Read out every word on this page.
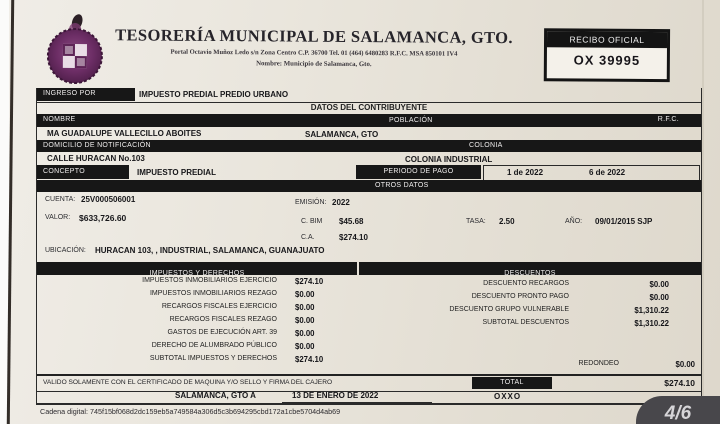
TESORERÍA MUNICIPAL DE SALAMANCA, GTO.
Portal Octavio Muñoz Ledo s/n Zona Centro C.P. 36700 Tel. 01 (464) 6480283 R.F.C. MSA 850101 IV4
Nombre: Municipio de Salamanca, Gto.
RECIBO OFICIAL
OX 39995
INGRESO POR	IMPUESTO PREDIAL PREDIO URBANO
DATOS DEL CONTRIBUYENTE
NOMBRE	POBLACIÓN	R.F.C.
MA GUADALUPE VALLECILLO ABOITES	SALAMANCA, GTO
DOMICILIO DE NOTIFICACIÓN	COLONIA
CALLE HURACAN No.103	COLONIA INDUSTRIAL
CONCEPTO	IMPUESTO PREDIAL	PERIODO DE PAGO	1 de 2022	6 de 2022
OTROS DATOS
CUENTA: 25V000506001	EMISIÓN: 2022
VALOR: $633,726.60	C. BIM $45.68	TASA: 2.50	AÑO: 09/01/2015 SJP
C.A.	$274.10
UBICACIÓN: HURACAN 103, , INDUSTRIAL, SALAMANCA, GUANAJUATO
IMPUESTOS Y DERECHOS	DESCUENTOS
IMPUESTOS INMOBILIARIOS EJERCICIO $274.10
IMPUESTOS INMOBILIARIOS REZAGO $0.00
RECARGOS FISCALES EJERCICIO $0.00
RECARGOS FISCALES REZAGO $0.00
GASTOS DE EJECUCIÓN ART. 39 $0.00
DERECHO DE ALUMBRADO PÚBLICO $0.00
SUBTOTAL IMPUESTOS Y DERECHOS $274.10
DESCUENTO RECARGOS	$0.00
DESCUENTO PRONTO PAGO	$0.00
DESCUENTO GRUPO VULNERABLE	$1,310.22
SUBTOTAL DESCUENTOS	$1,310.22
REDONDEO	$0.00
VALIDO SOLAMENTE CON EL CERTIFICADO DE MAQUINA Y/O SELLO Y FIRMA DEL CAJERO	TOTAL	$274.10
SALAMANCA, GTO A	13 DE ENERO DE 2022	OXXO
Cadena digital: 745f15bf068d2dc159eb5a749584a306d5c3b694295cbd172a1cbe5704d4ab69	4/6
